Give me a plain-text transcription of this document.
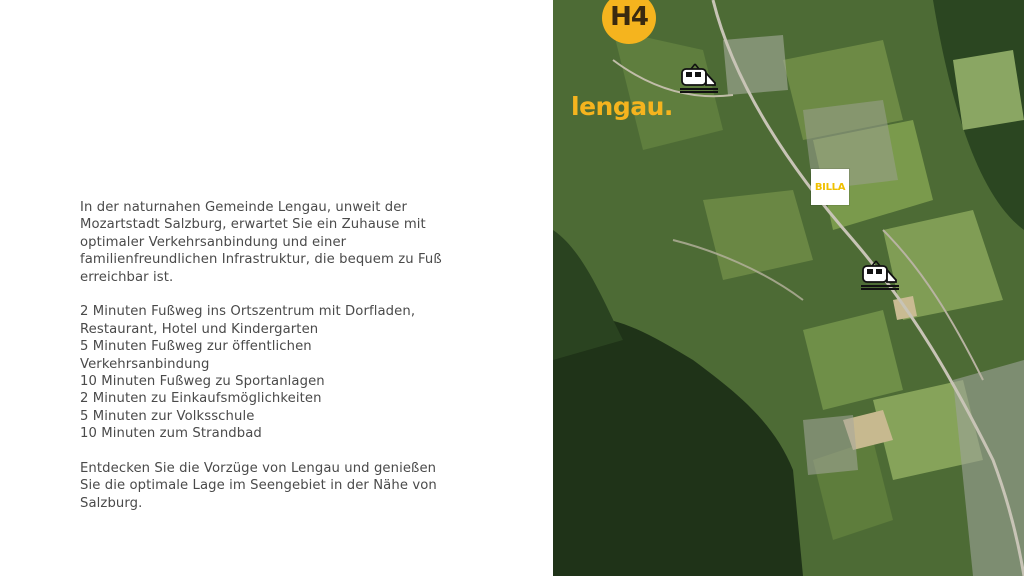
In der naturnahen Gemeinde Lengau, unweit der
Mozartstadt Salzburg, erwartet Sie ein Zuhause mit
optimaler Verkehrsanbindung und einer
familienfreundlichen Infrastruktur, die bequem zu Fuß
erreichbar ist.

2 Minuten Fußweg ins Ortszentrum mit Dorfladen,
Restaurant, Hotel und Kindergarten
5 Minuten Fußweg zur öffentlichen
Verkehrsanbindung
10 Minuten Fußweg zu Sportanlagen
2 Minuten zu Einkaufsmöglichkeiten
5 Minuten zur Volksschule
10 Minuten zum Strandbad

Entdecken Sie die Vorzüge von Lengau und genießen
Sie die optimale Lage im Seengebiet in der Nähe von
Salzburg.

H4
lengau.
BILLA
